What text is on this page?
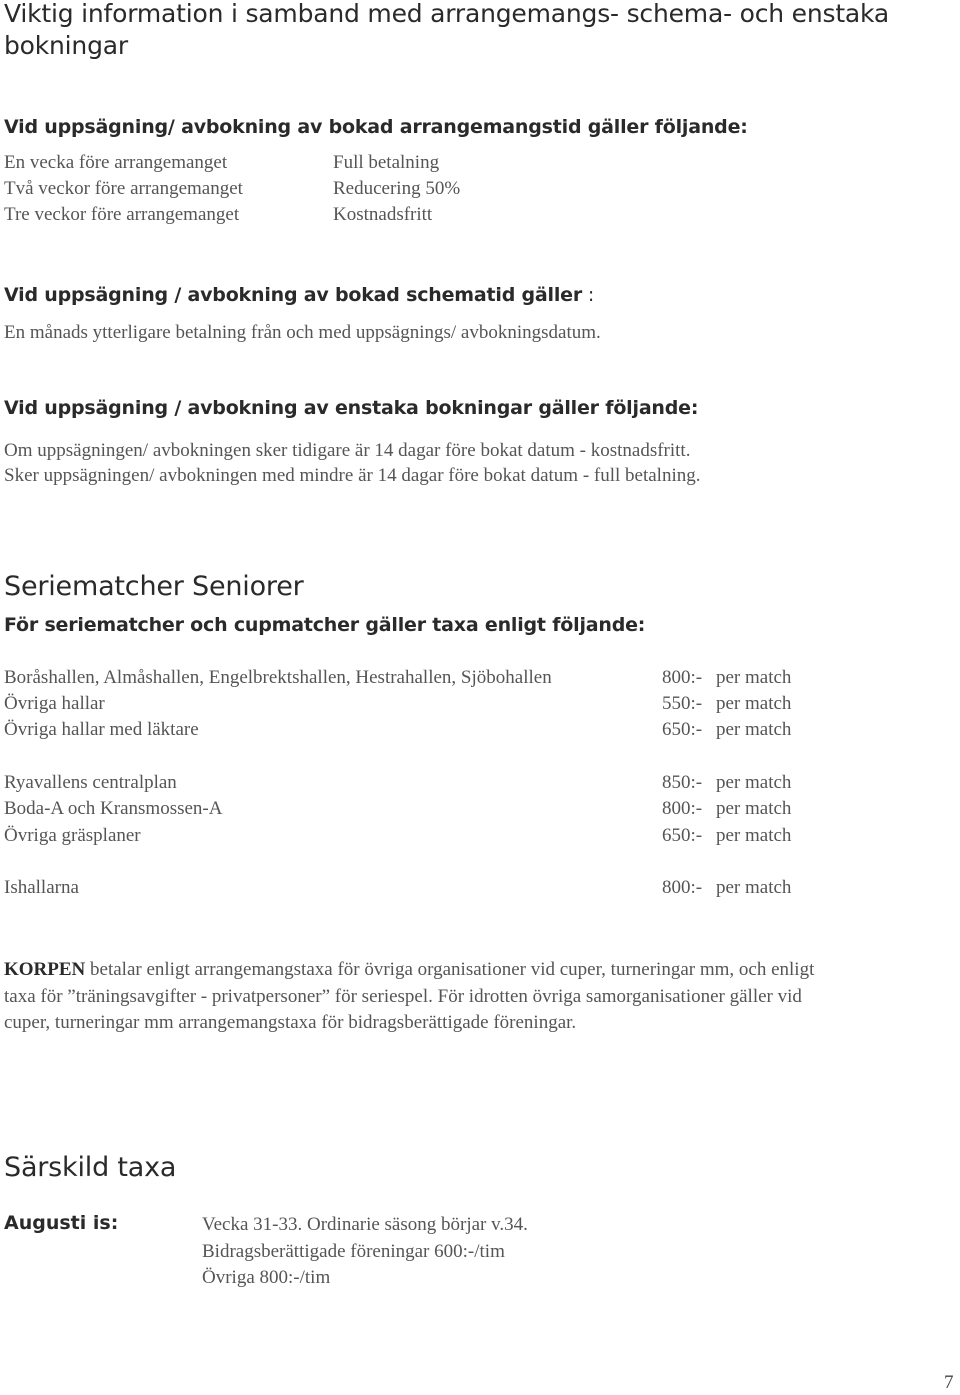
Viktig information i samband med arrangemangs- schema- och enstaka bokningar
Vid uppsägning/ avbokning av bokad arrangemangstid gäller följande:
En vecka före arrangemanget	Full betalning
Två veckor före arrangemanget	Reducering 50%
Tre veckor före arrangemanget	Kostnadsfritt
Vid uppsägning / avbokning av bokad schematid gäller :
En månads ytterligare betalning från och med uppsägnings/ avbokningsdatum.
Vid uppsägning / avbokning av enstaka bokningar gäller följande:
Om uppsägningen/ avbokningen sker tidigare är 14 dagar före bokat datum - kostnadsfritt.
Sker uppsägningen/ avbokningen med mindre är 14 dagar före bokat datum - full betalning.
Seriematcher Seniorer
För seriematcher och cupmatcher gäller taxa enligt följande:
Boråshallen, Almåshallen, Engelbrektshallen, Hestrahallen, Sjöbohallen	800:- per match
Övriga hallar	550:- per match
Övriga hallar med läktare	650:- per match
Ryavallens centralplan	850:- per match
Boda-A och Kransmossen-A	800:- per match
Övriga gräsplaner	650:- per match
Ishallarna	800:- per match
KORPEN betalar enligt arrangemangstaxa för övriga organisationer vid cuper, turneringar mm, och enligt taxa för ”träningsavgifter - privatpersoner” för seriespel. För idrotten övriga samorganisationer gäller vid cuper, turneringar mm arrangemangstaxa för bidragsberättigade föreningar.
Särskild taxa
Augusti is:	Vecka 31-33. Ordinarie säsong börjar v.34.
Bidragsberättigade föreningar 600:-/tim
Övriga 800:-/tim
7
